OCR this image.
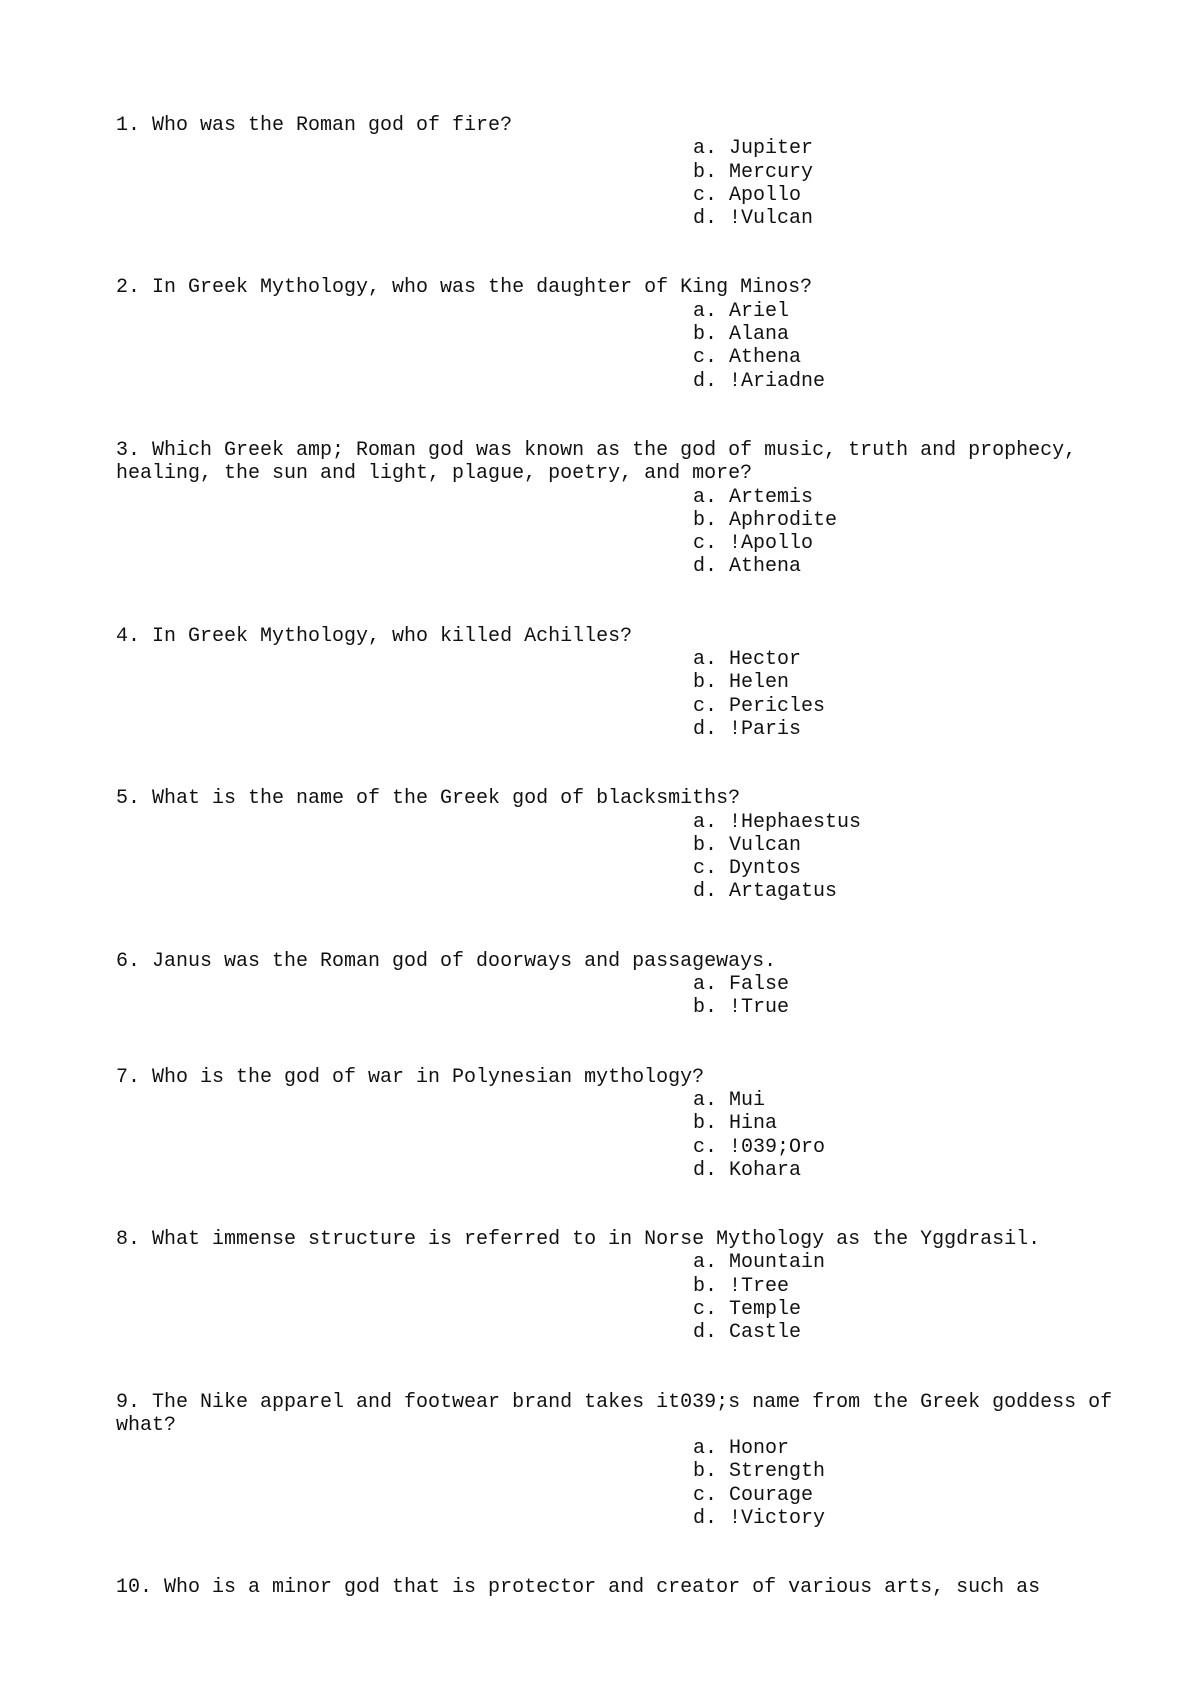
1. Who was the Roman god of fire?
a. Jupiter
b. Mercury
c. Apollo
d. !Vulcan
2. In Greek Mythology, who was the daughter of King Minos?
a. Ariel
b. Alana
c. Athena
d. !Ariadne
3. Which Greek amp; Roman god was known as the god of music, truth and prophecy, healing, the sun and light, plague, poetry, and more?
a. Artemis
b. Aphrodite
c. !Apollo
d. Athena
4. In Greek Mythology, who killed Achilles?
a. Hector
b. Helen
c. Pericles
d. !Paris
5. What is the name of the Greek god of blacksmiths?
a. !Hephaestus
b. Vulcan
c. Dyntos
d. Artagatus
6. Janus was the Roman god of doorways and passageways.
a. False
b. !True
7. Who is the god of war in Polynesian mythology?
a. Mui
b. Hina
c. !039;Oro
d. Kohara
8. What immense structure is referred to in Norse Mythology as the Yggdrasil.
a. Mountain
b. !Tree
c. Temple
d. Castle
9. The Nike apparel and footwear brand takes it039;s name from the Greek goddess of what?
a. Honor
b. Strength
c. Courage
d. !Victory
10. Who is a minor god that is protector and creator of various arts, such as
